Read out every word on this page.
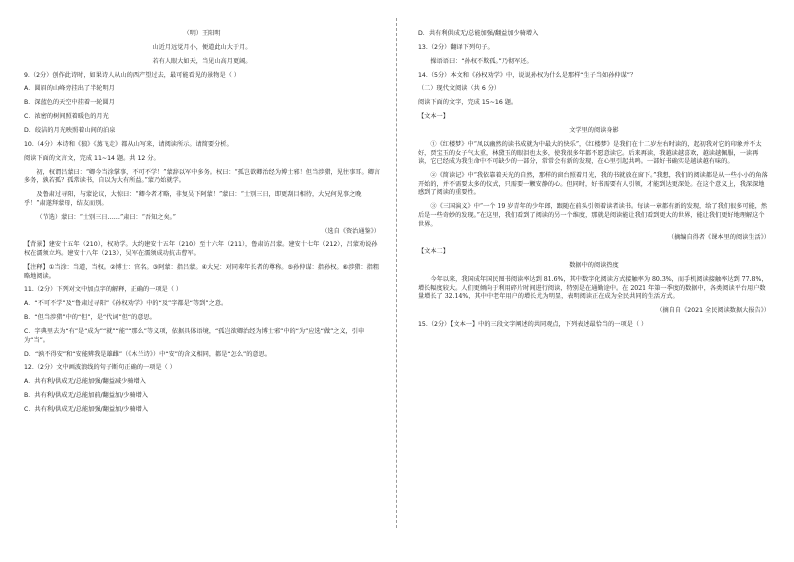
（明）王阳明
山近月远觉月小，便道此山大于月。
若有人眼大如天，当见山高月更阔。
9.（2分）创作此诗时，如果诗人从山的西产望过去，最可能看见的景物是（ ）
A．圆眉的山峰旁挂出了半轮明月
B．深蓝色的天空中挂着一轮圆月
C．浓密的树间照着暖色的月光
D．皎洁的月光映照着山间的泊泉
10.（4分）本诗和《狼》《蒸飞走》都从山写来，请阅读所示。请简要分析。
阅读下面的文言文，完成 11~14 题。共 12 分。
初，权谓吕蒙曰：“卿今当涂掌事，不可不学！”蒙辞以军中多务。权曰：“孤岂欲卿治经为博士邪！但当涉猎，见往事耳。卿言多务，孰若孤？孤常读书，自以为大有所益。”蒙乃始就学。
及鲁肃过寻阳，与蒙论议，大惊曰：“卿今者才略，非复吴下阿蒙！”蒙曰：“士别三日，即更刮目相待，大兄何见事之晚乎！”肃遂拜蒙母，结友而别。
（节选）蒙曰：“士别三日……”肃曰：“吾知之矣。”
（选自《资治通鉴》）
【背景】建安十五年（210），权劝学。大约建安十五年（210）至十六年（211），鲁肃访吕蒙。建安十七年（212），吕蒙劝说孙权在濡须立坞。建安十八年（213），吴军在濡须成功抗击曹军。
【注释】①当涂：当道，当权。②博士：官名。③阿蒙：指吕蒙。④大兄：对同辈年长者的尊称。⑤孙仲谋：指孙权。⑥涉猎：指粗略地阅读。
11.（2分）下列对文中加点字的解释，正确的一项是（ ）
A．“不可不学”及“鲁肃过寻阳”《孙权劝学》中的“及”字都是“等到”之意。
B．“但当涉猎”中的“但”，是“代词”但“的意思。
C．字典里去为“有”是“成为”“就”“能”“那么”等义项，依据具体语境，“孤岂欲卿治经为博士邪”中的“为”应选“做”之义，引申为“当”。
D．“孰不得安”和“安能辨我是雄雌”（《木兰诗》）中“安”的含义相同，都是“怎么”的意思。
12.（2分）文中画波浪线的句子断句正确的一项是（ ）
A．共有利/供成无/总能加强/翻益减少骑增入
B．共有利/供成无/总能加前/翻益加/少骑增入
C．共有利/供成无/总能加强/翻益加/少骑增入
D．共有利供成无/总能加强/翻益加少骑增入
13.（2分）翻译下列句子。
操语语曰：“孙权不欺孤。”乃彻军还。
14.（5分）本文和《孙权劝学》中，说说孙权为什么是那样“生子当如孙仲谋”？
（二）现代文阅读（共 6 分）
阅读下面的文字，完成 15~16 题。
【文本一】
文学里的阅读身影
①《红楼梦》中“凤以幽然的读书成就为中最大的快乐”，《红楼梦》是我们在十二岁左右时读的，起初我对它的印象并不太好，贾宝玉的女子气太重，林黛玉的眼泪也太多，使我很多年都不愿意读它。后来再读，我越读越喜欢，越读越佩服，一读再读，它已经成为我生命中不可缺少的一部分，常常会有新的发现，在心里引起共鸣。一部好书确实是越读越有味的。
②《简读记》中“我依靠着天光的自然，那样的窗台照着月光，我的书就放在窗下。”我想，我们的阅读都是从一些小小的角落开始的，并不需要太多的仪式，只需要一颗安静的心。但同时，好书需要有人引领，才能到达更深处。在这个意义上，我深深地感到了阅读的重要性。
③《三国演义》中“一个 19 岁青年的少年郎，跟随在前头引领着读者读书。每读一章都有新的发现，给了我们很多可能，然后是一些奇妙的发现。”在这里，我们看到了阅读的另一个维度，那就是阅读能让我们看到更大的世界，能让我们更好地理解这个世界。
（摘编自得者《课本里的阅读生活》）
【文本二】
数据中的阅读热度
今年以来，我国成年国民图书阅读率达到 81.6%，其中数字化阅读方式接触率为 80.3%，而手机阅读接触率达到 77.8%，增长幅度较大。人们更倾向于利用碎片时间进行阅读，特别是在通勤途中。在 2021 年第一季度的数据中，各类阅读平台用户数量增长了 32.14%，其中中老年用户的增长尤为明显，表明阅读正在成为全民共同的生活方式。
（摘自自《2021 全民阅读数据大报告》）
15.（2分）【文本一】中的三段文字阐述的共同观点，下列表述最恰当的一项是（ ）
